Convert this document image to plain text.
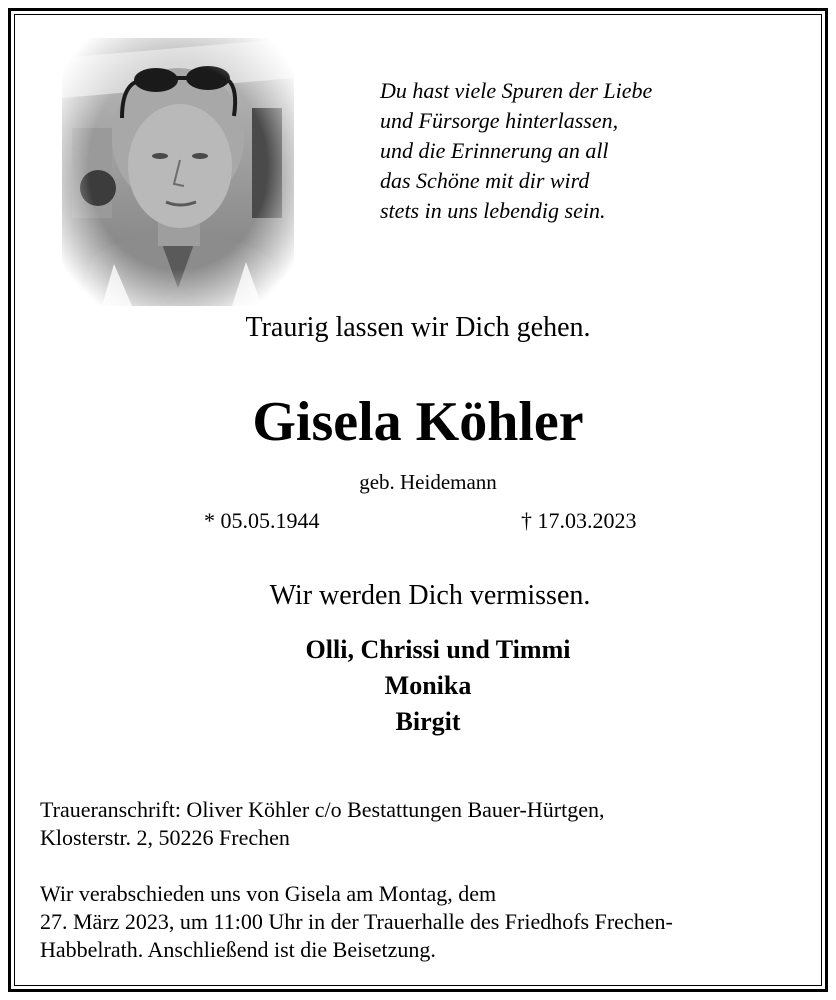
Du hast viele Spuren der Liebe
und Fürsorge hinterlassen,
und die Erinnerung an all
das Schöne mit dir wird
stets in uns lebendig sein.
Traurig lassen wir Dich gehen.
Gisela Köhler
geb. Heidemann
* 05.05.1944	† 17.03.2023
Wir werden Dich vermissen.
Olli, Chrissi und Timmi
Monika
Birgit
Traueranschrift: Oliver Köhler c/o Bestattungen Bauer-Hürtgen,
Klosterstr. 2, 50226 Frechen
Wir verabschieden uns von Gisela am Montag, dem
27. März 2023, um 11:00 Uhr in der Trauerhalle des Friedhofs Frechen-
Habbelrath. Anschließend ist die Beisetzung.
